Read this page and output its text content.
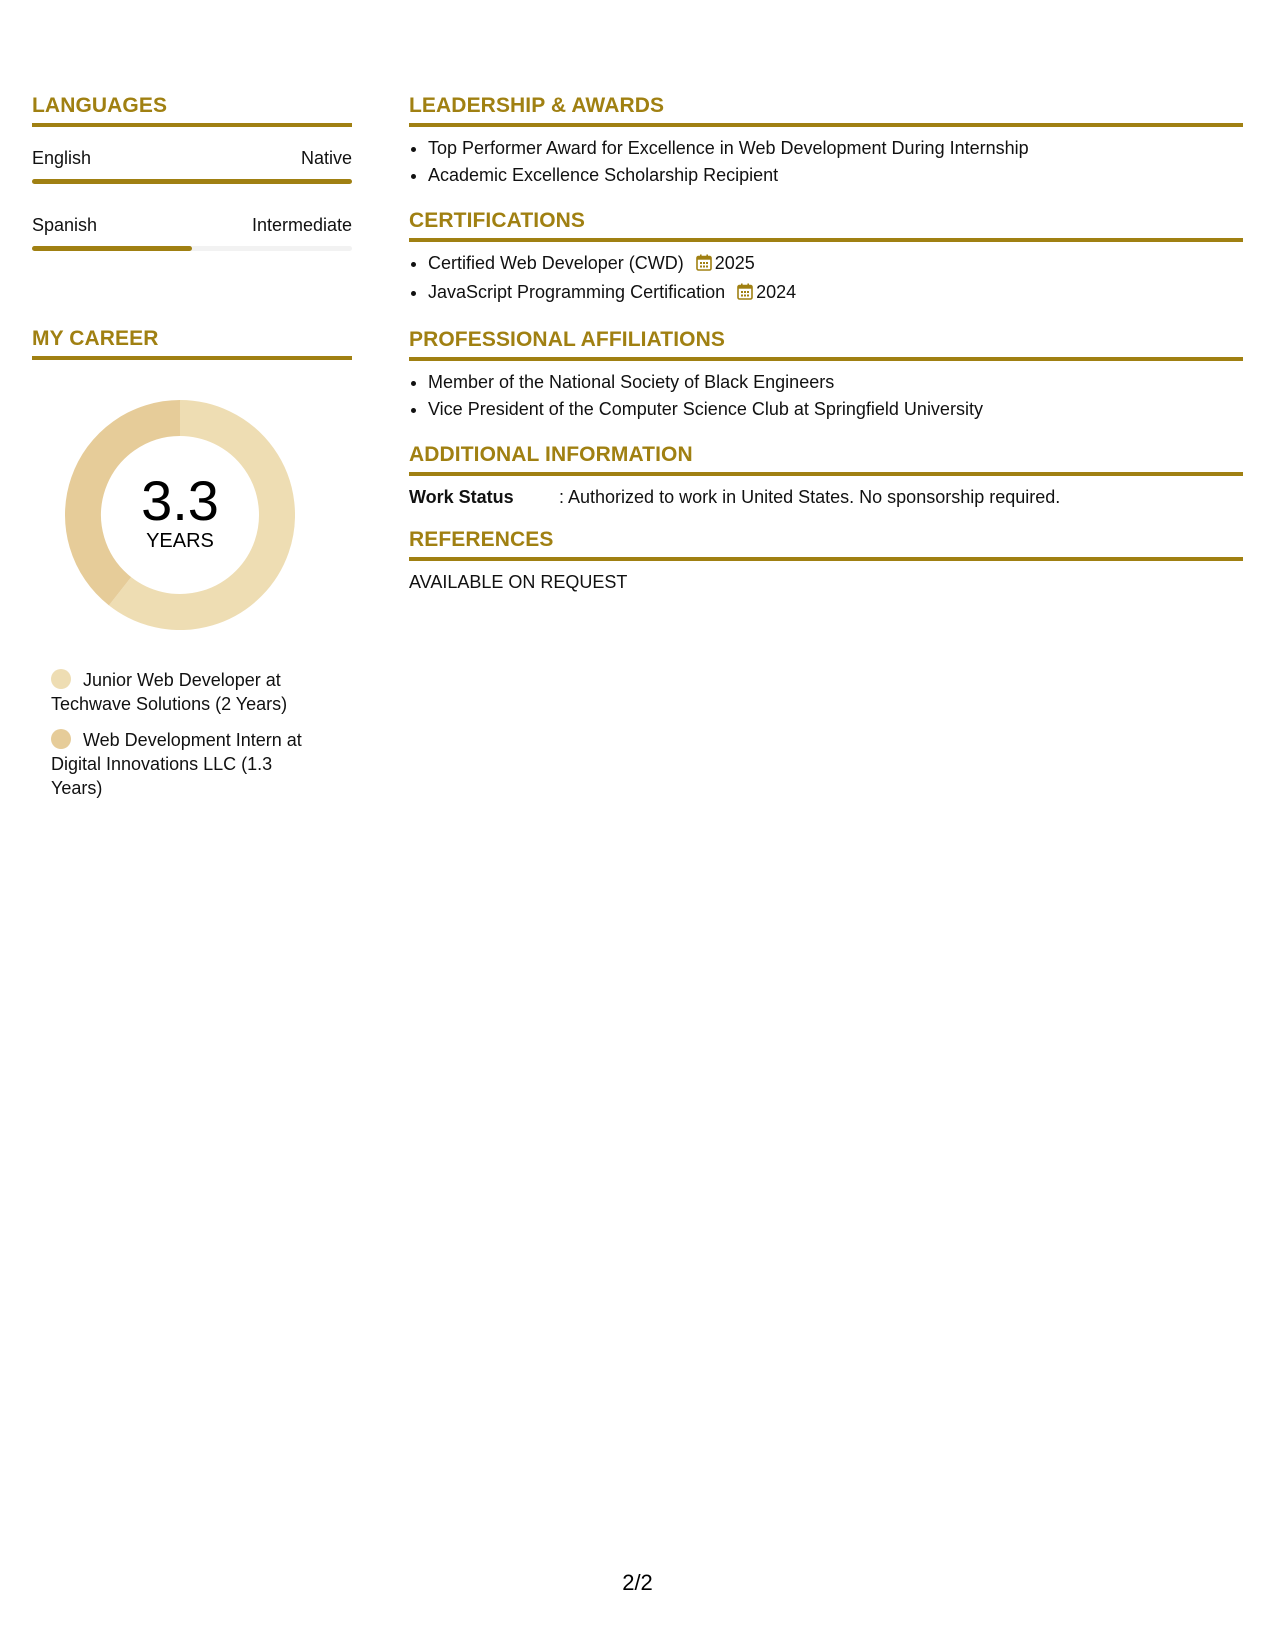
LANGUAGES
English	Native
Spanish	Intermediate
MY CAREER
3.3
YEARS
Junior Web Developer at Techwave Solutions (2 Years)
Web Development Intern at Digital Innovations LLC (1.3 Years)
LEADERSHIP & AWARDS
• Top Performer Award for Excellence in Web Development During Internship
• Academic Excellence Scholarship Recipient
CERTIFICATIONS
• Certified Web Developer (CWD) 2025
• JavaScript Programming Certification 2024
PROFESSIONAL AFFILIATIONS
• Member of the National Society of Black Engineers
• Vice President of the Computer Science Club at Springfield University
ADDITIONAL INFORMATION
Work Status	: Authorized to work in United States. No sponsorship required.
REFERENCES
AVAILABLE ON REQUEST
2/2
